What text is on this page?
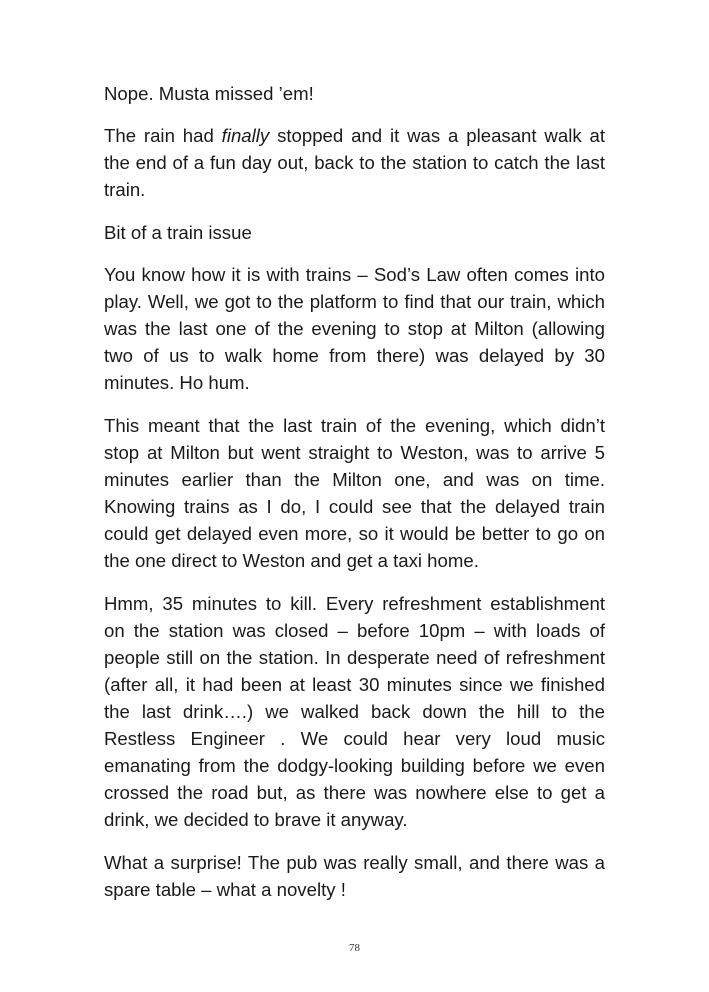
Nope. Musta missed ’em!

The rain had finally stopped and it was a pleasant walk at the end of a fun day out, back to the station to catch the last train.

Bit of a train issue

You know how it is with trains – Sod’s Law often comes into play. Well, we got to the platform to find that our train, which was the last one of the evening to stop at Milton (allowing two of us to walk home from there) was delayed by 30 minutes. Ho hum.

This meant that the last train of the evening, which didn’t stop at Milton but went straight to Weston, was to arrive 5 minutes earlier than the Milton one, and was on time. Knowing trains as I do, I could see that the delayed train could get delayed even more, so it would be better to go on the one direct to Weston and get a taxi home.

Hmm, 35 minutes to kill. Every refreshment establishment on the station was closed – before 10pm – with loads of people still on the station. In desperate need of refreshment (after all, it had been at least 30 minutes since we finished the last drink….) we walked back down the hill to the Restless Engineer . We could hear very loud music emanating from the dodgy-looking building before we even crossed the road but, as there was nowhere else to get a drink, we decided to brave it anyway.

What a surprise! The pub was really small, and there was a spare table – what a novelty !

78
